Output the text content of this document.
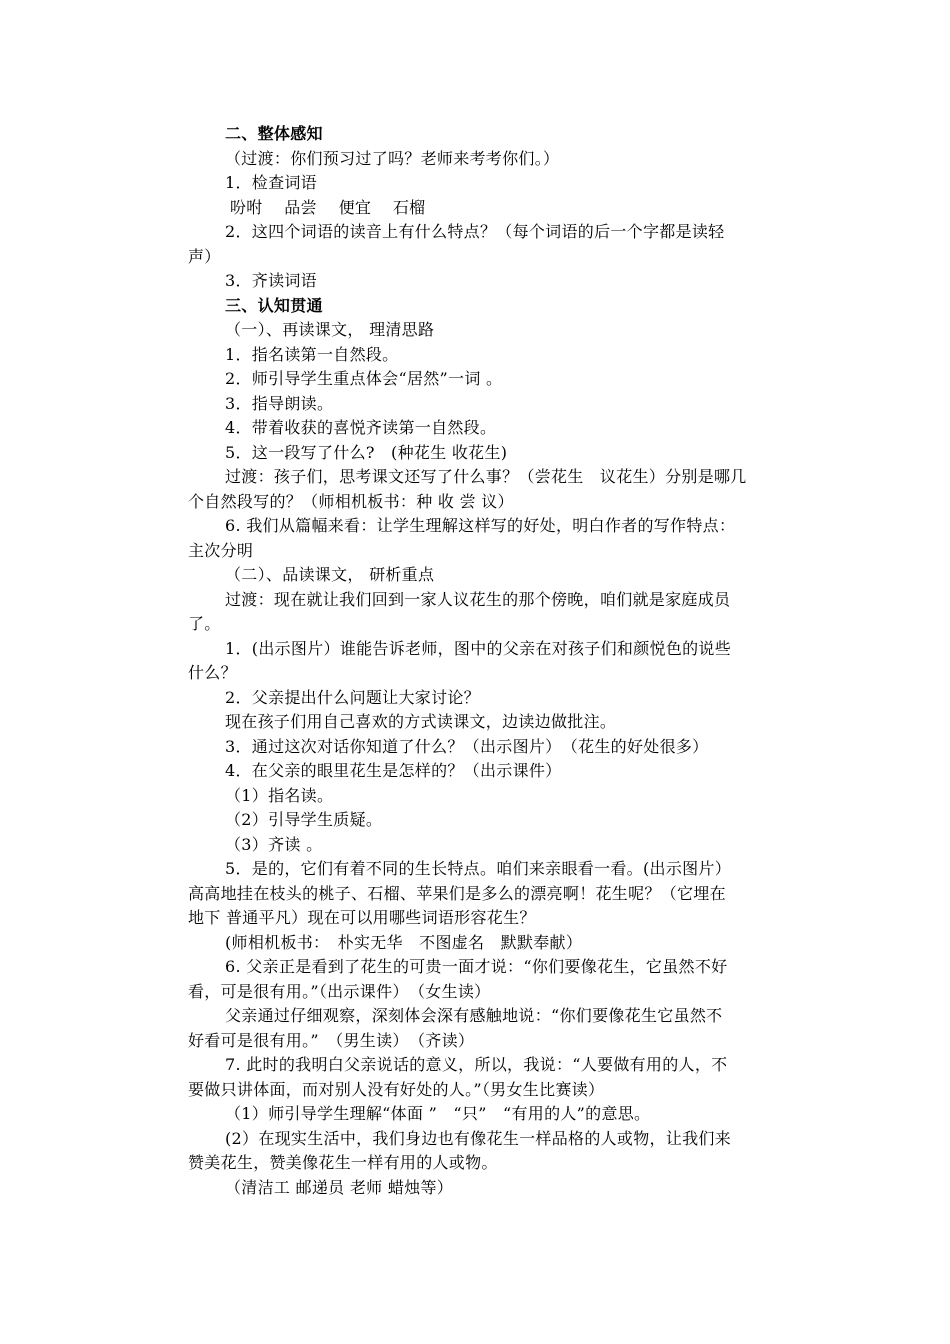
二、整体感知
（过渡：你们预习过了吗？老师来考考你们。）
1．检查词语
吩咐　 品尝　 便宜　 石榴
2．这四个词语的读音上有什么特点？（每个词语的后一个字都是读轻
声）
3．齐读词语
三、认知贯通
（一）、再读课文， 理清思路
1．指名读第一自然段。
2．师引导学生重点体会“居然”一词 。
3．指导朗读。
4．带着收获的喜悦齐读第一自然段。
5．这一段写了什么?　(种花生 收花生)
过渡：孩子们，思考课文还写了什么事？（尝花生　议花生）分别是哪几
个自然段写的？（师相机板书：种 收 尝 议）
6. 我们从篇幅来看：让学生理解这样写的好处，明白作者的写作特点：
主次分明
（二）、品读课文， 研析重点
过渡：现在就让我们回到一家人议花生的那个傍晚，咱们就是家庭成员
了。
1．(出示图片）谁能告诉老师，图中的父亲在对孩子们和颜悦色的说些
什么？
2．父亲提出什么问题让大家讨论？
现在孩子们用自己喜欢的方式读课文，边读边做批注。
3．通过这次对话你知道了什么？（出示图片）　（花生的好处很多）
4．在父亲的眼里花生是怎样的？（出示课件）
（1）指名读。
（2）引导学生质疑。
（3）齐读 。
5．是的，它们有着不同的生长特点。咱们来亲眼看一看。(出示图片）
高高地挂在枝头的桃子、石榴、苹果们是多么的漂亮啊！花生呢？（它埋在
地下 普通平凡）现在可以用哪些词语形容花生？
(师相机板书：　朴实无华　不图虚名　默默奉献）
6. 父亲正是看到了花生的可贵一面才说：“你们要像花生，它虽然不好
看，可是很有用。”（出示课件）　（女生读）
父亲通过仔细观察，深刻体会深有感触地说：“你们要像花生它虽然不
好看可是很有用。”　（男生读）　（齐读）
7. 此时的我明白父亲说话的意义，所以，我说：“人要做有用的人，不
要做只讲体面，而对别人没有好处的人。”（男女生比赛读）
（1）师引导学生理解“体面 ”　“只”　“有用的人”的意思。
(2）在现实生活中，我们身边也有像花生一样品格的人或物，让我们来
赞美花生，赞美像花生一样有用的人或物。
（清洁工 邮递员 老师 蜡烛等）
